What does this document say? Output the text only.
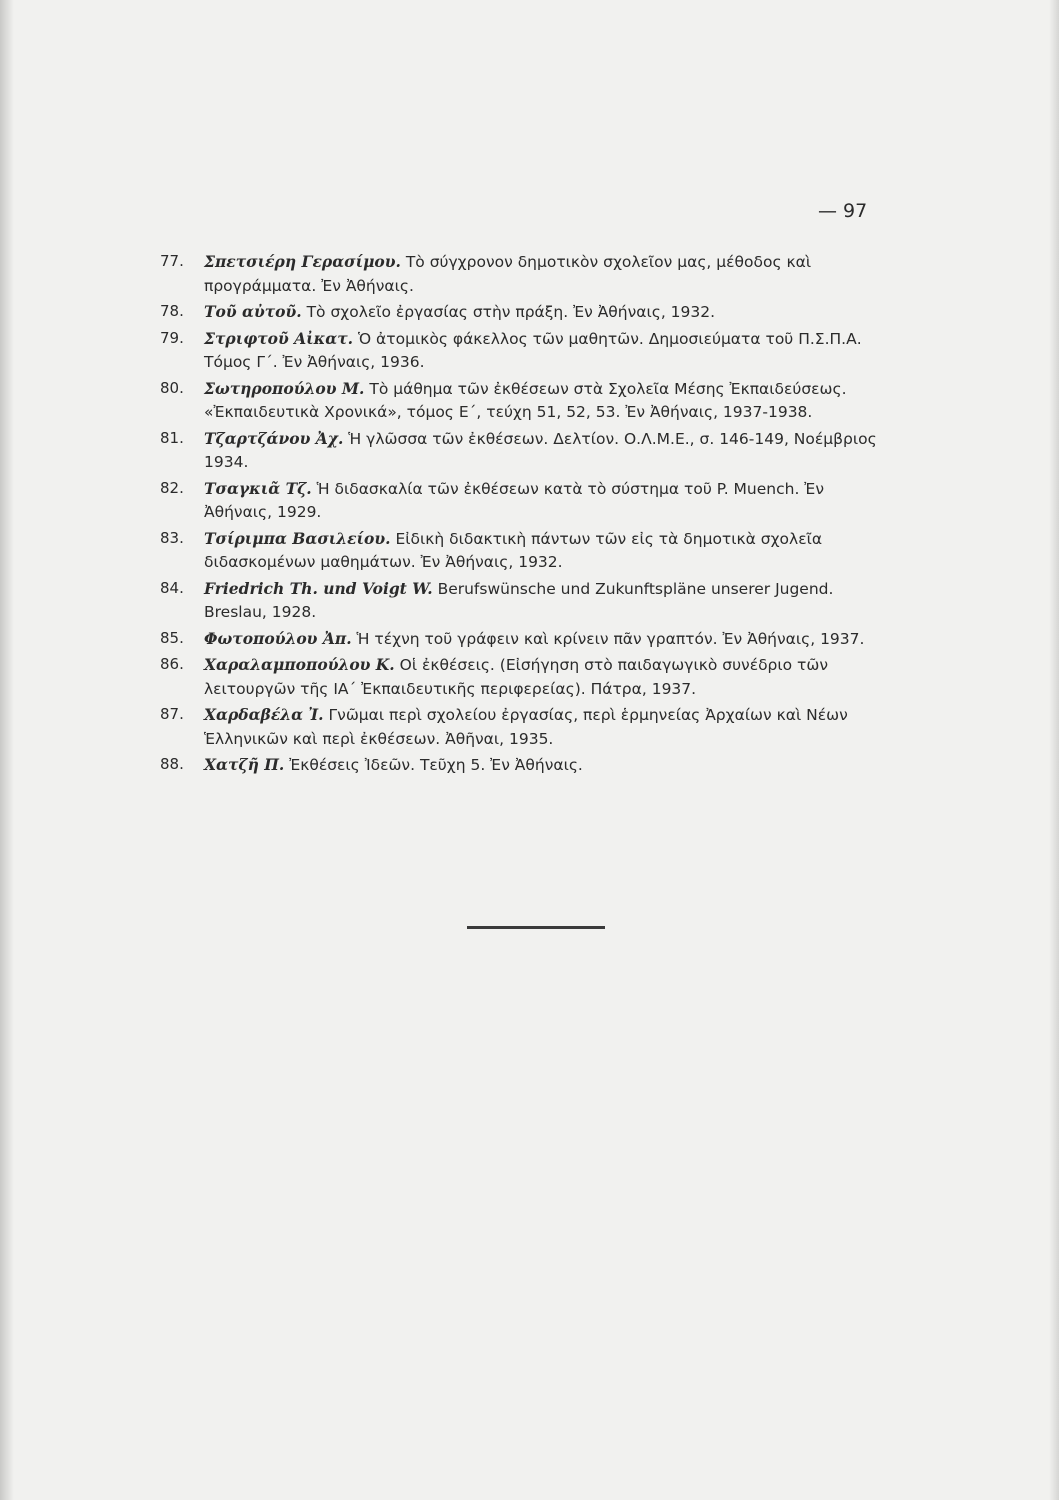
— 97
77. Σπετσιέρη Γερασίμου. Τὸ σύγχρονον δημοτικὸν σχολεῖον μας, μέθοδος καὶ προγράμματα. Ἐν Ἀθήναις.
78. Τοῦ αὐτοῦ. Τὸ σχολεῖο ἐργασίας στὴν πράξη. Ἐν Ἀθήναις, 1932.
79. Στριφτοῦ Αἰκατ. Ὁ ἀτομικὸς φάκελλος τῶν μαθητῶν. Δημοσιεύματα τοῦ Π.Σ.Π.Α. Τόμος Γ΄. Ἐν Ἀθήναις, 1936.
80. Σωτηροπούλου Μ. Τὸ μάθημα τῶν ἐκθέσεων στὰ Σχολεῖα Μέσης Ἐκπαιδεύσεως. «Ἐκπαιδευτικὰ Χρονικά», τόμος Ε΄, τεύχη 51, 52, 53. Ἐν Ἀθήναις, 1937-1938.
81. Τζαρτζάνου Ἀχ. Ἡ γλῶσσα τῶν ἐκθέσεων. Δελτίον. Ο.Λ.Μ.Ε., σ. 146-149, Νοέμβριος 1934.
82. Τσαγκιᾶ Τζ. Ἡ διδασκαλία τῶν ἐκθέσεων κατὰ τὸ σύστημα τοῦ P. Muench. Ἐν Ἀθήναις, 1929.
83. Τσίριμπα Βασιλείου. Εἰδικὴ διδακτικὴ πάντων τῶν εἰς τὰ δημοτικὰ σχολεῖα διδασκομένων μαθημάτων. Ἐν Ἀθήναις, 1932.
84. Friedrich Th. und Voigt W. Berufswünsche und Zukunftspläne unserer Jugend. Breslau, 1928.
85. Φωτοπούλου Ἀπ. Ἡ τέχνη τοῦ γράφειν καὶ κρίνειν πᾶν γραπτόν. Ἐν Ἀθήναις, 1937.
86. Χαραλαμποπούλου Κ. Οἱ ἐκθέσεις. (Εἰσήγηση στὸ παιδαγωγικὸ συνέδριο τῶν λειτουργῶν τῆς ΙΑ΄ Ἐκπαιδευτικῆς περιφερείας). Πάτρα, 1937.
87. Χαρδαβέλα Ἰ. Γνῶμαι περὶ σχολείου ἐργασίας, περὶ ἑρμηνείας Ἀρχαίων καὶ Νέων Ἑλληνικῶν καὶ περὶ ἐκθέσεων. Ἀθῆναι, 1935.
88. Χατζῆ Π. Ἐκθέσεις Ἰδεῶν. Τεῦχη 5. Ἐν Ἀθήναις.
